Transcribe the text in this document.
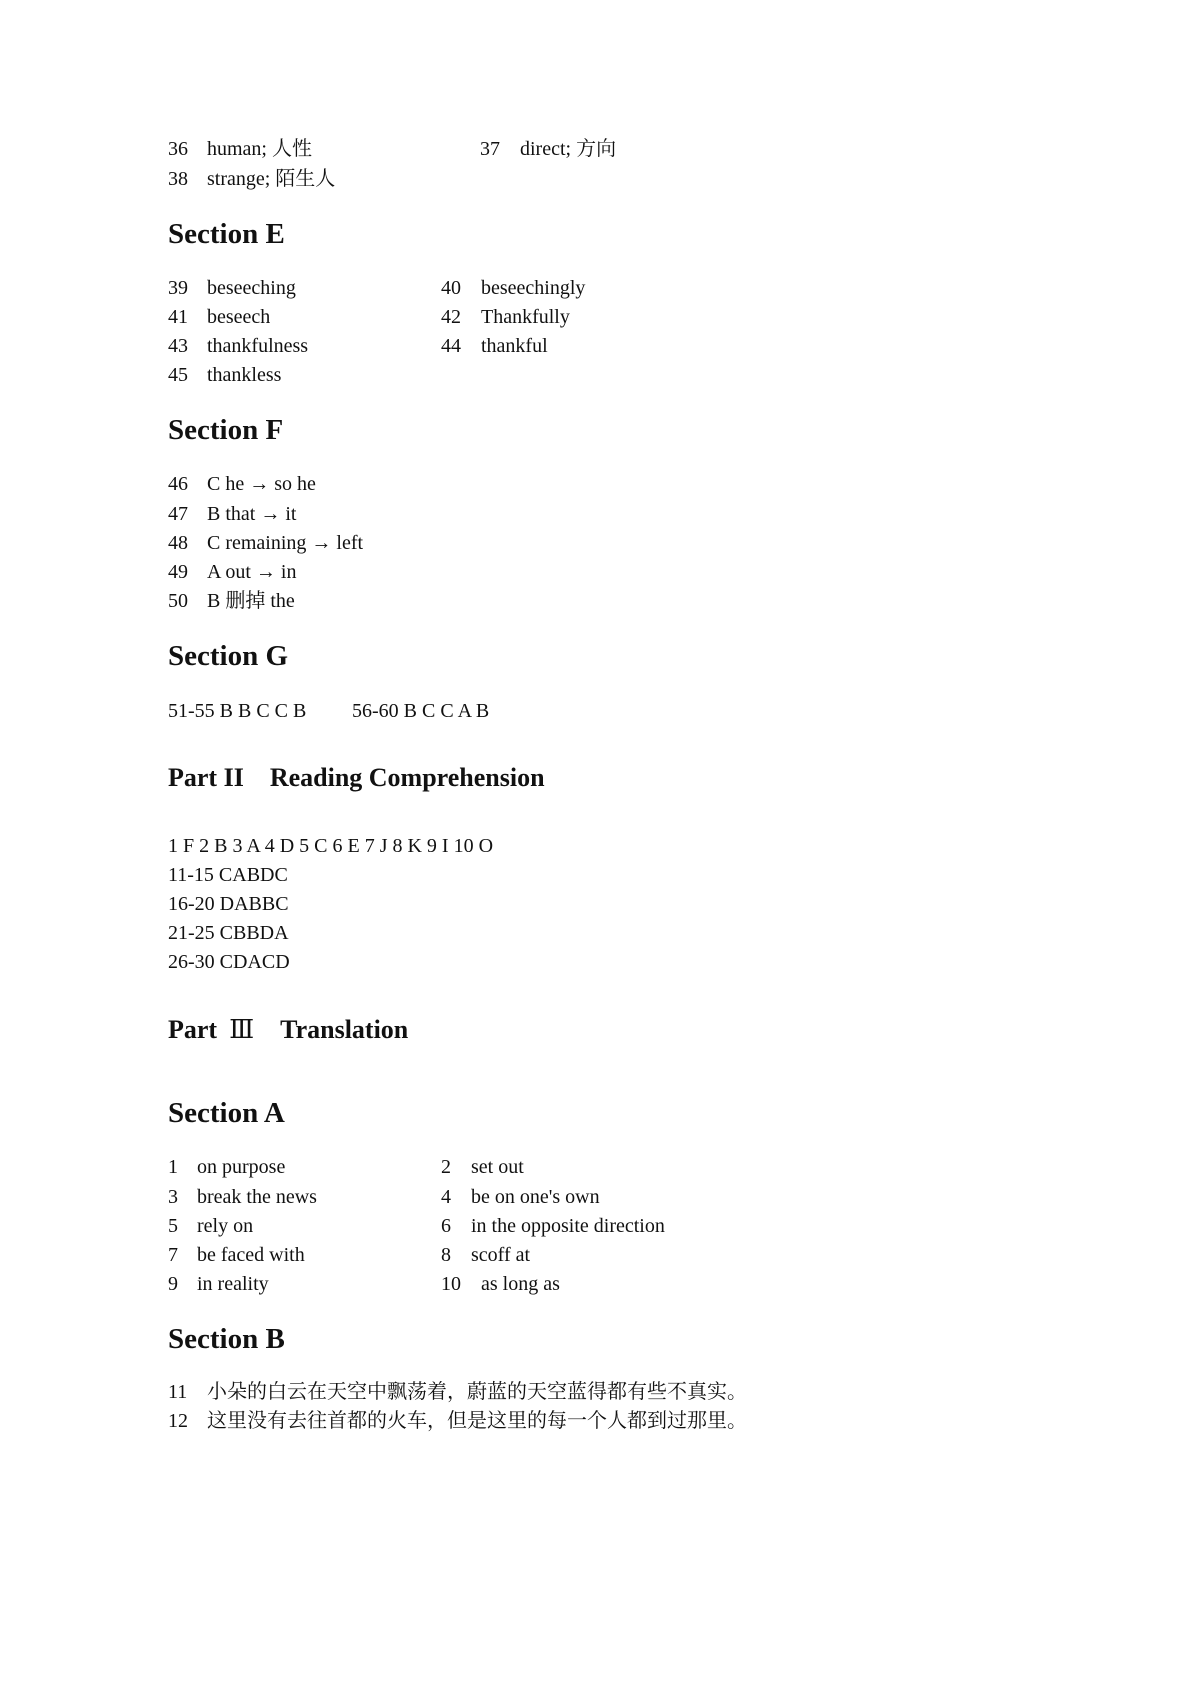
36 human; 人性	37 direct; 方向
38 strange; 陌生人
Section E
39 beseeching	40 beseechingly
41 beseech	42 Thankfully
43 thankfulness	44 thankful
45 thankless
Section F
46 C he → so he
47 B that → it
48 C remaining → left
49 A out → in
50 B 删掉 the
Section G
51-55 B B C C B 56-60 B C C A B
Part II　Reading Comprehension
1 F 2 B 3 A 4 D 5 C 6 E 7 J 8 K 9 I 10 O
11-15 CABDC
16-20 DABBC
21-25 CBBDA
26-30 CDACD
Part Ⅲ Translation
Section A
1 on purpose	2 set out
3 break the news	4 be on one's own
5 rely on	6 in the opposite direction
7 be faced with	8 scoff at
9 in reality	10 as long as
Section B
11 小朵的白云在天空中飘荡着，蔚蓝的天空蓝得都有些不真实。
12 这里没有去往首都的火车，但是这里的每一个人都到过那里。
